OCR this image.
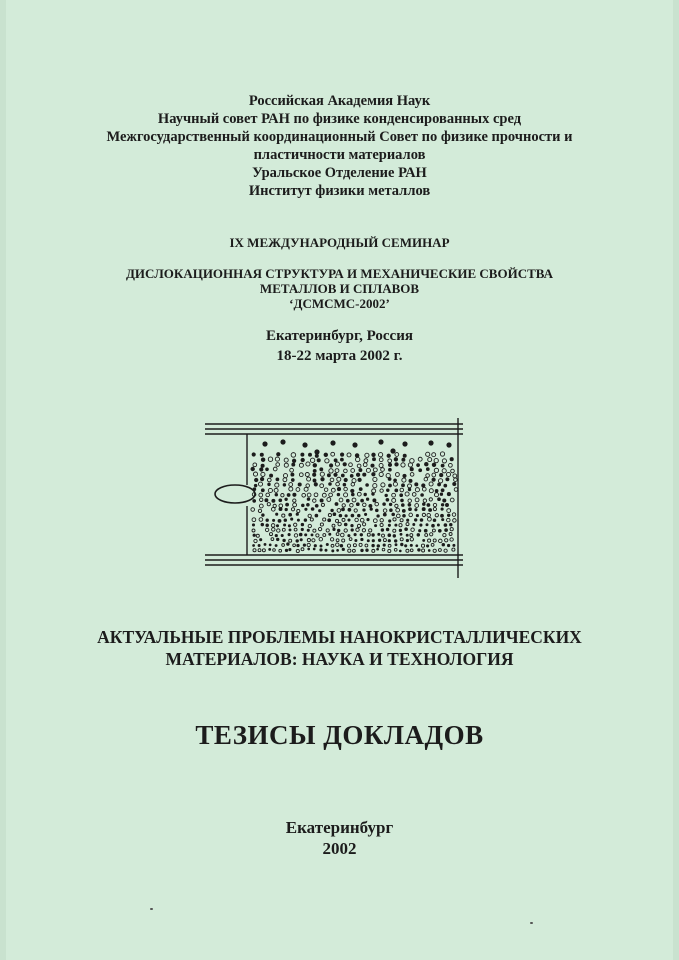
Российская Академия Наук
Научный совет РАН по физике конденсированных сред
Межгосударственный координационный Совет по физике прочности и
пластичности материалов
Уральское Отделение РАН
Институт физики металлов
IX МЕЖДУНАРОДНЫЙ СЕМИНАР
ДИСЛОКАЦИОННАЯ СТРУКТУРА И МЕХАНИЧЕСКИЕ СВОЙСТВА
МЕТАЛЛОВ И СПЛАВОВ
‘ДСМСМС-2002’
Екатеринбург, Россия
18-22 марта 2002 г.
АКТУАЛЬНЫЕ ПРОБЛЕМЫ НАНОКРИСТАЛЛИЧЕСКИХ
МАТЕРИАЛОВ: НАУКА И ТЕХНОЛОГИЯ
ТЕЗИСЫ ДОКЛАДОВ
Екатеринбург
2002
